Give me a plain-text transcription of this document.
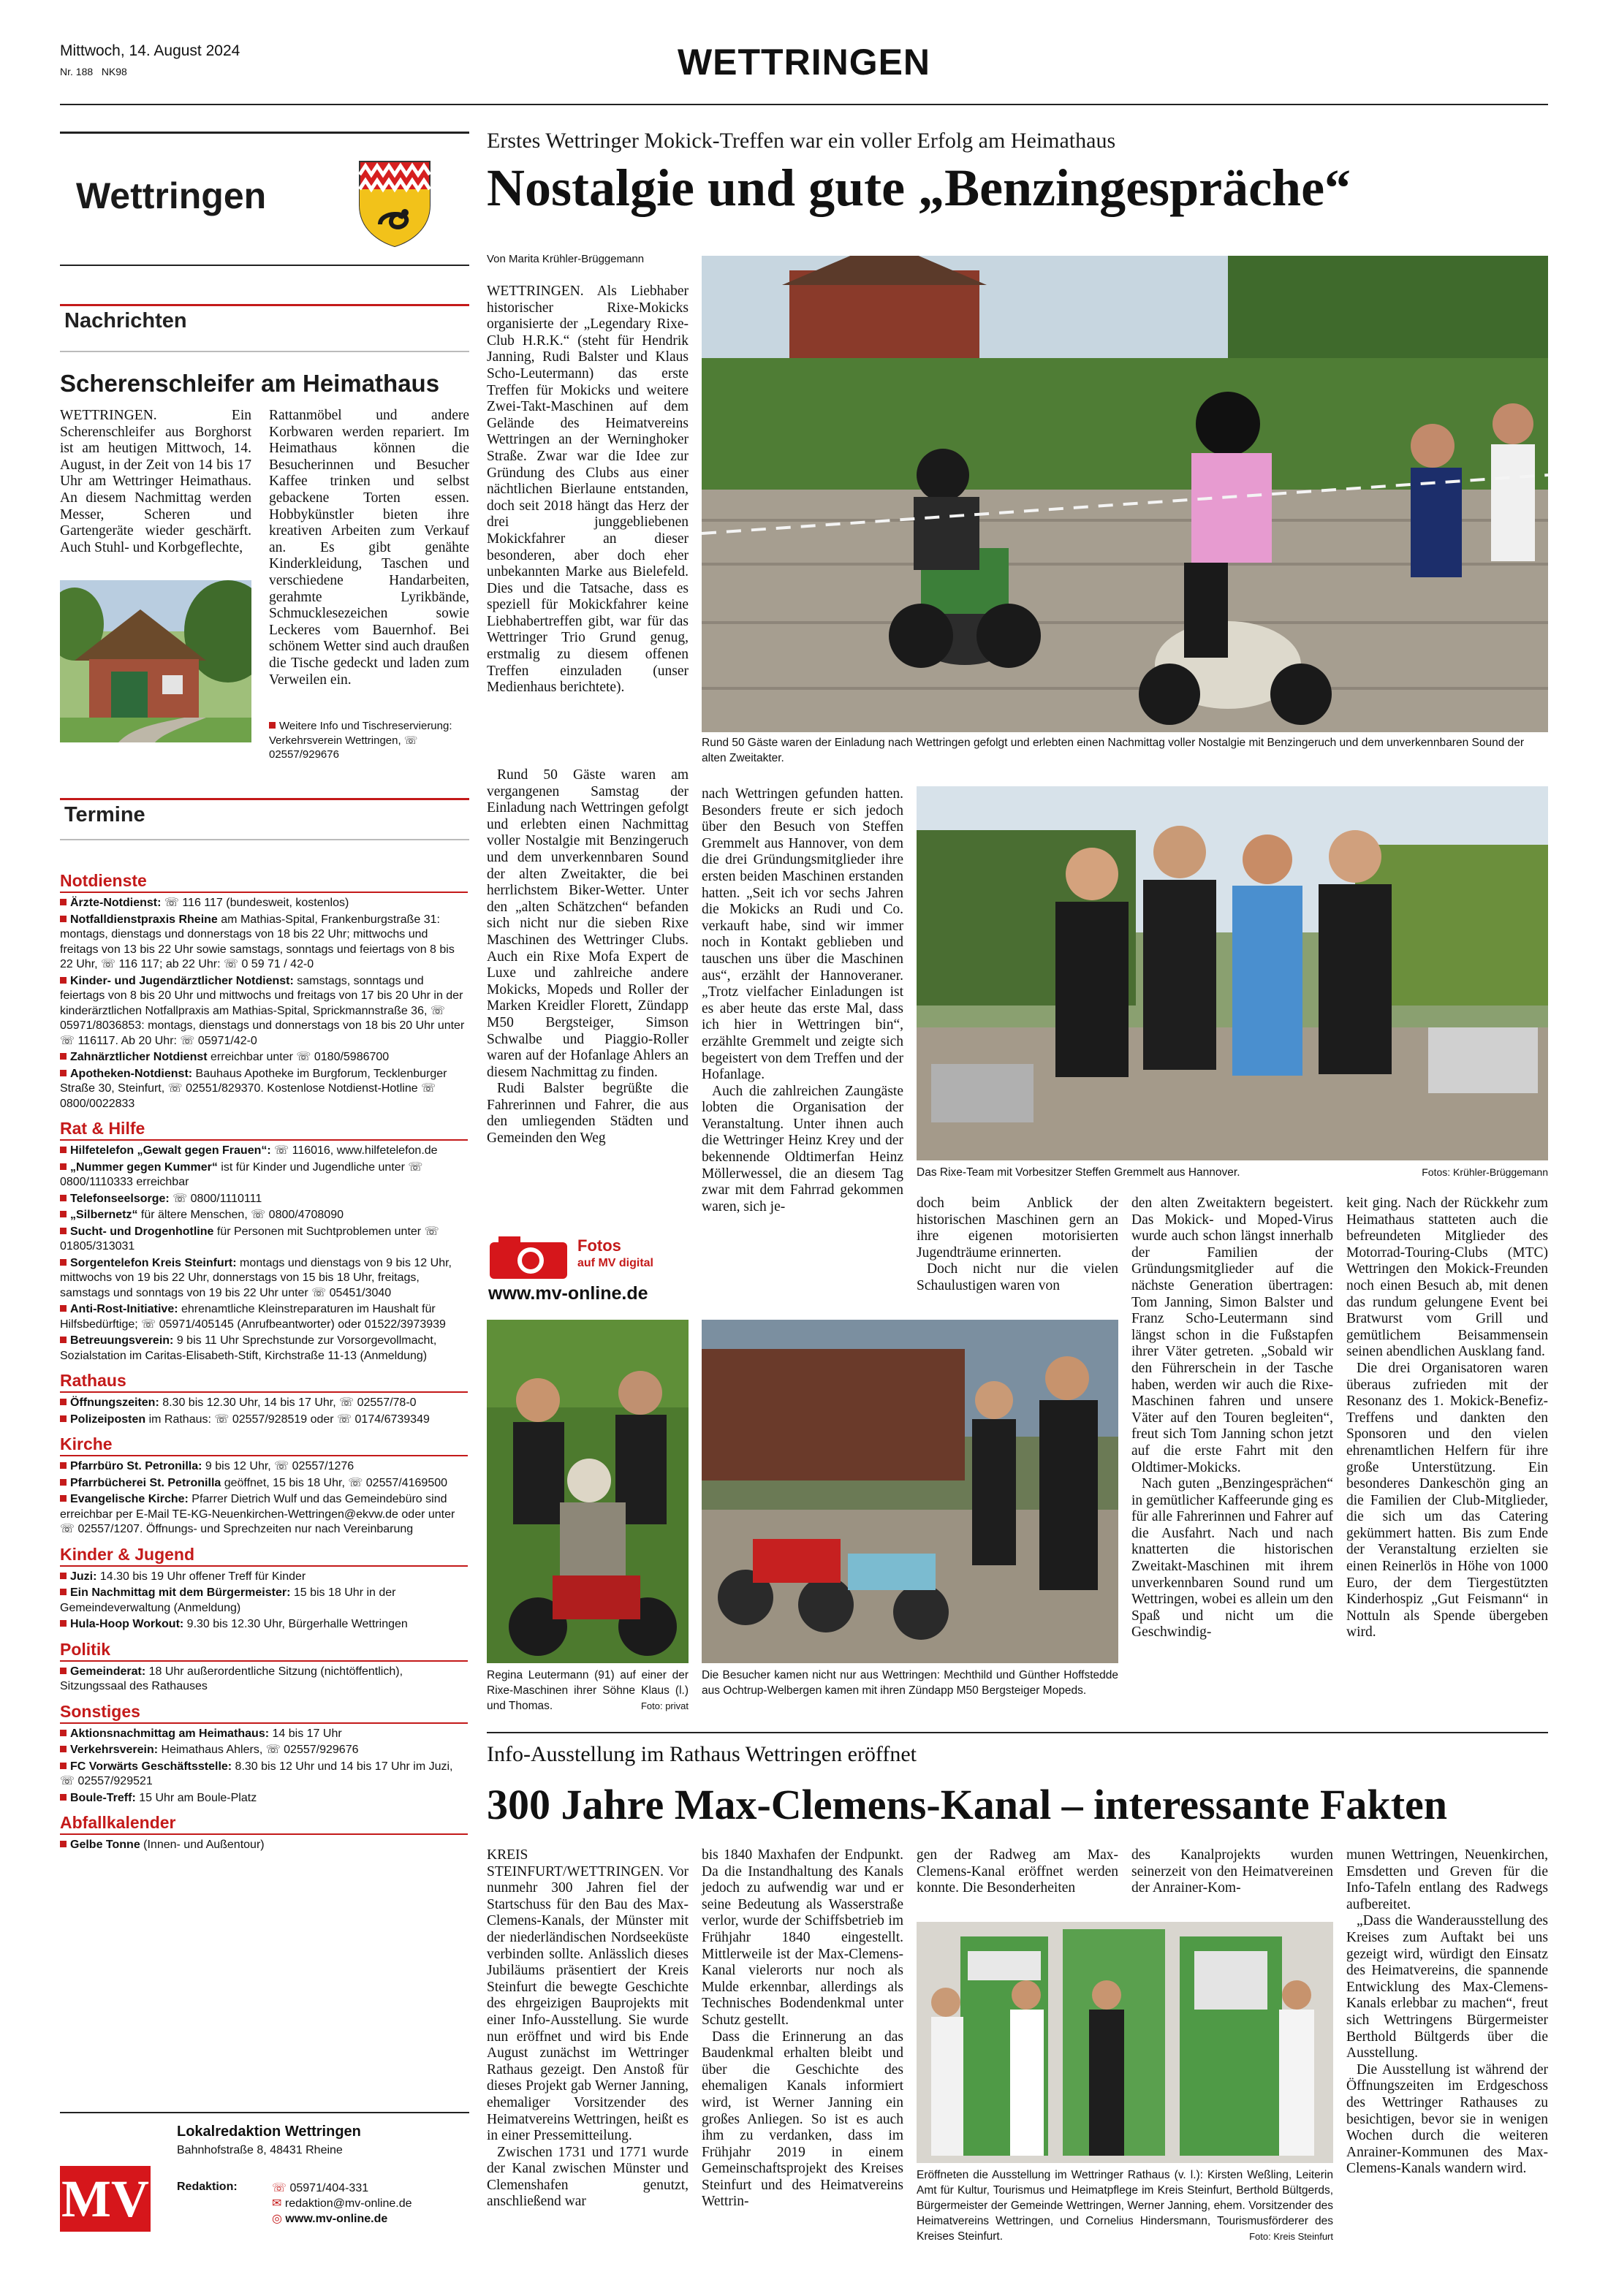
Mittwoch, 14. August 2024
Nr. 188 NK98	WETTRINGEN
Wettringen
Nachrichten
Scherenschleifer am Heimathaus
WETTRINGEN. Ein Scherenschleifer aus Borghorst ist am heutigen Mittwoch, 14. August, in der Zeit von 14 bis 17 Uhr am Wettringer Heimathaus. An diesem Nachmittag werden Messer, Scheren und Gartengeräte wieder geschärft. Auch Stuhl- und Korbgeflechte,
Rattanmöbel und andere Korbwaren werden repariert. Im Heimathaus können die Besucherinnen und Besucher Kaffee trinken und selbst gebackene Torten essen. Hobbykünstler bieten ihre kreativen Arbeiten zum Verkauf an. Es gibt genähte Kinderkleidung, Taschen und verschiedene Handarbeiten, gerahmte Lyrikbände, Schmucklesezeichen sowie Leckeres vom Bauernhof. Bei schönem Wetter sind auch draußen die Tische gedeckt und laden zum Verweilen ein.
Weitere Info und Tischreservierung: Verkehrsverein Wettringen, ☏ 02557/929676
Termine
Notdienste
Ärzte-Notdienst: ☏ 116 117 (bundesweit, kostenlos)
Notfalldienstpraxis Rheine am Mathias-Spital, Frankenburgstraße 31: montags, dienstags und donnerstags von 18 bis 22 Uhr; mittwochs und freitags von 13 bis 22 Uhr sowie samstags, sonntags und feiertags von 8 bis 22 Uhr, ☏ 116 117; ab 22 Uhr: ☏ 0 59 71 / 42-0
Kinder- und Jugendärztlicher Notdienst: samstags, sonntags und feiertags von 8 bis 20 Uhr und mittwochs und freitags von 17 bis 20 Uhr in der kinderärztlichen Notfallpraxis am Mathias-Spital, Sprickmannstraße 36, ☏ 05971/8036853: montags, dienstags und donnerstags von 18 bis 20 Uhr unter ☏ 116117. Ab 20 Uhr: ☏ 05971/42-0
Zahnärztlicher Notdienst erreichbar unter ☏ 0180/5986700
Apotheken-Notdienst: Bauhaus Apotheke im Burgforum, Tecklenburger Straße 30, Steinfurt, ☏ 02551/829370. Kostenlose Notdienst-Hotline ☏ 0800/0022833
Rat & Hilfe
Hilfetelefon „Gewalt gegen Frauen“: ☏ 116016, www.hilfetelefon.de
„Nummer gegen Kummer“ ist für Kinder und Jugendliche unter ☏ 0800/1110333 erreichbar
Telefonseelsorge: ☏ 0800/1110111
„Silbernetz“ für ältere Menschen, ☏ 0800/4708090
Sucht- und Drogenhotline für Personen mit Suchtproblemen unter ☏ 01805/313031
Sorgentelefon Kreis Steinfurt: montags und dienstags von 9 bis 12 Uhr, mittwochs von 19 bis 22 Uhr, donnerstags von 15 bis 18 Uhr, freitags, samstags und sonntags von 19 bis 22 Uhr unter ☏ 05451/3040
Anti-Rost-Initiative: ehrenamtliche Kleinstreparaturen im Haushalt für Hilfsbedürftige; ☏ 05971/405145 (Anrufbeantworter) oder 01522/3973939
Betreuungsverein: 9 bis 11 Uhr Sprechstunde zur Vorsorgevollmacht, Sozialstation im Caritas-Elisabeth-Stift, Kirchstraße 11-13 (Anmeldung)
Rathaus
Öffnungszeiten: 8.30 bis 12.30 Uhr, 14 bis 17 Uhr, ☏ 02557/78-0
Polizeiposten im Rathaus: ☏ 02557/928519 oder ☏ 0174/6739349
Kirche
Pfarrbüro St. Petronilla: 9 bis 12 Uhr, ☏ 02557/1276
Pfarrbücherei St. Petronilla geöffnet, 15 bis 18 Uhr, ☏ 02557/4169500
Evangelische Kirche: Pfarrer Dietrich Wulf und das Gemeindebüro sind erreichbar per E-Mail TE-KG-Neuenkirchen-Wettringen@ekvw.de oder unter ☏ 02557/1207. Öffnungs- und Sprechzeiten nur nach Vereinbarung
Kinder & Jugend
Juzi: 14.30 bis 19 Uhr offener Treff für Kinder
Ein Nachmittag mit dem Bürgermeister: 15 bis 18 Uhr in der Gemeindeverwaltung (Anmeldung)
Hula-Hoop Workout: 9.30 bis 12.30 Uhr, Bürgerhalle Wettringen
Politik
Gemeinderat: 18 Uhr außerordentliche Sitzung (nichtöffentlich), Sitzungssaal des Rathauses
Sonstiges
Aktionsnachmittag am Heimathaus: 14 bis 17 Uhr
Verkehrsverein: Heimathaus Ahlers, ☏ 02557/929676
FC Vorwärts Geschäftsstelle: 8.30 bis 12 Uhr und 14 bis 17 Uhr im Juzi, ☏ 02557/929521
Boule-Treff: 15 Uhr am Boule-Platz
Abfallkalender
Gelbe Tonne (Innen- und Außentour)
MV
Lokalredaktion Wettringen
Bahnhofstraße 8, 48431 Rheine
Redaktion:	☏ 05971/404-331
✉ redaktion@mv-online.de
◎ www.mv-online.de
Erstes Wettringer Mokick-Treffen war ein voller Erfolg am Heimathaus
Nostalgie und gute „Benzingespräche“
Von Marita Krühler-Brüggemann

WETTRINGEN. Als Liebhaber historischer Rixe-Mokicks organisierte der „Legendary Rixe-Club H.R.K.“ (steht für Hendrik Janning, Rudi Balster und Klaus Scho-Leutermann) das erste Treffen für Mokicks und weitere Zwei-Takt-Maschinen auf dem Gelände des Heimatvereins Wettringen an der Werninghoker Straße. Zwar war die Idee zur Gründung des Clubs aus einer nächtlichen Bierlaune entstanden, doch seit 2018 hängt das Herz der drei junggebliebenen Mokickfahrer an dieser besonderen, aber doch eher unbekannten Marke aus Bielefeld. Dies und die Tatsache, dass es speziell für Mokickfahrer keine Liebhabertreffen gibt, war für das Wettringer Trio Grund genug, erstmalig zu diesem offenen Treffen einzuladen (unser Medienhaus berichtete).

Rund 50 Gäste waren der Einladung nach Wettringen gefolgt und erlebten einen Nachmittag voller Nostalgie mit Benzingeruch und dem unverkennbaren Sound der alten Zweitakter.

Rund 50 Gäste waren am vergangenen Samstag der Einladung nach Wettringen gefolgt und erlebten einen Nachmittag voller Nostalgie mit Benzingeruch und dem unverkennbaren Sound der alten Zweitakter, die bei herrlichstem Biker-Wetter. Unter den „alten Schätzchen“ befanden sich nicht nur die sieben Rixe Maschinen des Wettringer Clubs. Auch ein Rixe Mofa Expert de Luxe und zahlreiche andere Mokicks, Mopeds und Roller der Marken Kreidler Florett, Zündapp M50 Bergsteiger, Simson Schwalbe und Piaggio-Roller waren auf der Hofanlage Ahlers an diesem Nachmittag zu finden.

Rudi Balster begrüßte die Fahrerinnen und Fahrer, die aus den umliegenden Städten und Gemeinden den Weg

nach Wettringen gefunden hatten. Besonders freute er sich jedoch über den Besuch von Steffen Gremmelt aus Hannover, von dem die drei Gründungsmitglieder ihre ersten beiden Maschinen erstanden hatten. „Seit ich vor sechs Jahren die Mokicks an Rudi und Co. verkauft habe, sind wir immer noch in Kontakt geblieben und tauschen uns über die Maschinen aus“, erzählt der Hannoveraner. „Trotz vielfacher Einladungen ist es aber heute das erste Mal, dass ich hier in Wettringen bin“, erzählte Gremmelt und zeigte sich begeistert von dem Treffen und der Hofanlage.

Auch die zahlreichen Zaungäste lobten die Organisation der Veranstaltung. Unter ihnen auch die Wettringer Heinz Krey und der bekennende Oldtimerfan Heinz Möllerwessel, die an diesem Tag zwar mit dem Fahrrad gekommen waren, sich je-

Das Rixe-Team mit Vorbesitzer Steffen Gremmelt aus Hannover.	Fotos: Krühler-Brüggemann

doch beim Anblick der historischen Maschinen gern an ihre eigenen motorisierten Jugendträume erinnerten.

Doch nicht nur die vielen Schaulustigen waren von

den alten Zweitaktern begeistert. Das Mokick- und Moped-Virus wurde auch schon längst innerhalb der Familien der Gründungsmitglieder auf die nächste Generation übertragen: Tom Janning, Simon Balster und Franz Scho-Leutermann sind längst schon in die Fußstapfen ihrer Väter getreten. „Sobald wir den Führerschein in der Tasche haben, werden wir auch die Rixe-Maschinen fahren und unsere Väter auf den Touren begleiten“, freut sich Tom Janning schon jetzt auf die erste Fahrt mit den Oldtimer-Mokicks.

Nach guten „Benzingesprächen“ in gemütlicher Kaffeerunde ging es für alle Fahrerinnen und Fahrer auf die Ausfahrt. Nach und nach knatterten die historischen Zweitakt-Maschinen mit ihrem unverkennbaren Sound rund um Wettringen, wobei es allein um den Spaß und nicht um die Geschwindig-

keit ging. Nach der Rückkehr zum Heimathaus statteten auch die befreundeten Mitglieder des Motorrad-Touring-Clubs (MTC) Wettringen den Mokick-Freunden noch einen Besuch ab, mit denen das rundum gelungene Event bei Bratwurst vom Grill und gemütlichem Beisammensein seinen abendlichen Ausklang fand.

Die drei Organisatoren waren überaus zufrieden mit der Resonanz des 1. Mokick-Benefiz-Treffens und dankten den Sponsoren und den vielen ehrenamtlichen Helfern für ihre große Unterstützung. Ein besonderes Dankeschön ging an die Familien der Club-Mitglieder, die sich um das Catering gekümmert hatten. Bis zum Ende der Veranstaltung erzielten sie einen Reinerlös in Höhe von 1000 Euro, der dem Tiergestützten Kinderhospiz „Gut Feismann“ in Nottuln als Spende übergeben wird.

Fotos
auf MV digital
www.mv-online.de
Regina Leutermann (91) auf einer der Rixe-Maschinen ihrer Söhne Klaus (l.) und Thomas.	Foto: privat
Die Besucher kamen nicht nur aus Wettringen: Mechthild und Günther Hoffstedde aus Ochtrup-Welbergen kamen mit ihren Zündapp M50 Bergsteiger Mopeds.
Info-Ausstellung im Rathaus Wettringen eröffnet
300 Jahre Max-Clemens-Kanal – interessante Fakten

KREIS STEINFURT/WETTRINGEN. Vor nunmehr 300 Jahren fiel der Startschuss für den Bau des Max-Clemens-Kanals, der Münster mit der niederländischen Nordseeküste verbinden sollte. Anlässlich dieses Jubiläums präsentiert der Kreis Steinfurt die bewegte Geschichte des ehrgeizigen Bauprojekts mit einer Info-Ausstellung. Sie wurde nun eröffnet und wird bis Ende August zunächst im Wettringer Rathaus gezeigt. Den Anstoß für dieses Projekt gab Werner Janning, ehemaliger Vorsitzender des Heimatvereins Wettringen, heißt es in einer Pressemitteilung.

Zwischen 1731 und 1771 wurde der Kanal zwischen Münster und Clemenshafen genutzt, anschließend war

bis 1840 Maxhafen der Endpunkt. Da die Instandhaltung des Kanals jedoch zu aufwendig war und er seine Bedeutung als Wasserstraße verlor, wurde der Schiffsbetrieb im Frühjahr 1840 eingestellt. Mittlerweile ist der Max-Clemens-Kanal vielerorts nur noch als Mulde erkennbar, allerdings als Technisches Bodendenkmal unter Schutz gestellt.

Dass die Erinnerung an das Baudenkmal erhalten bleibt und über die Geschichte des ehemaligen Kanals informiert wird, ist Werner Janning ein großes Anliegen. So ist es auch ihm zu verdanken, dass im Frühjahr 2019 in einem Gemeinschaftsprojekt des Kreises Steinfurt und des Heimatvereins Wettrin-

gen der Radweg am Max-Clemens-Kanal eröffnet werden konnte. Die Besonderheiten

des Kanalprojekts wurden seinerzeit von den Heimatvereinen der Anrainer-Kom-

munen Wettringen, Neuenkirchen, Emsdetten und Greven für die Info-Tafeln entlang des Radwegs aufbereitet.

„Dass die Wanderausstellung des Kreises zum Auftakt bei uns gezeigt wird, würdigt den Einsatz des Heimatvereins, die spannende Entwicklung des Max-Clemens-Kanals erlebbar zu machen“, freut sich Wettringens Bürgermeister Berthold Bültgerds über die Ausstellung.

Die Ausstellung ist während der Öffnungszeiten im Erdgeschoss des Wettringer Rathauses zu besichtigen, bevor sie in wenigen Wochen durch die weiteren Anrainer-Kommunen des Max-Clemens-Kanals wandern wird.

Eröffneten die Ausstellung im Wettringer Rathaus (v. l.): Kirsten Weßling, Leiterin Amt für Kultur, Tourismus und Heimatpflege im Kreis Steinfurt, Berthold Bültgerds, Bürgermeister der Gemeinde Wettringen, Werner Janning, ehem. Vorsitzender des Heimatvereins Wettringen, und Cornelius Hindersmann, Tourismusförderer des Kreises Steinfurt.	Foto: Kreis Steinfurt
